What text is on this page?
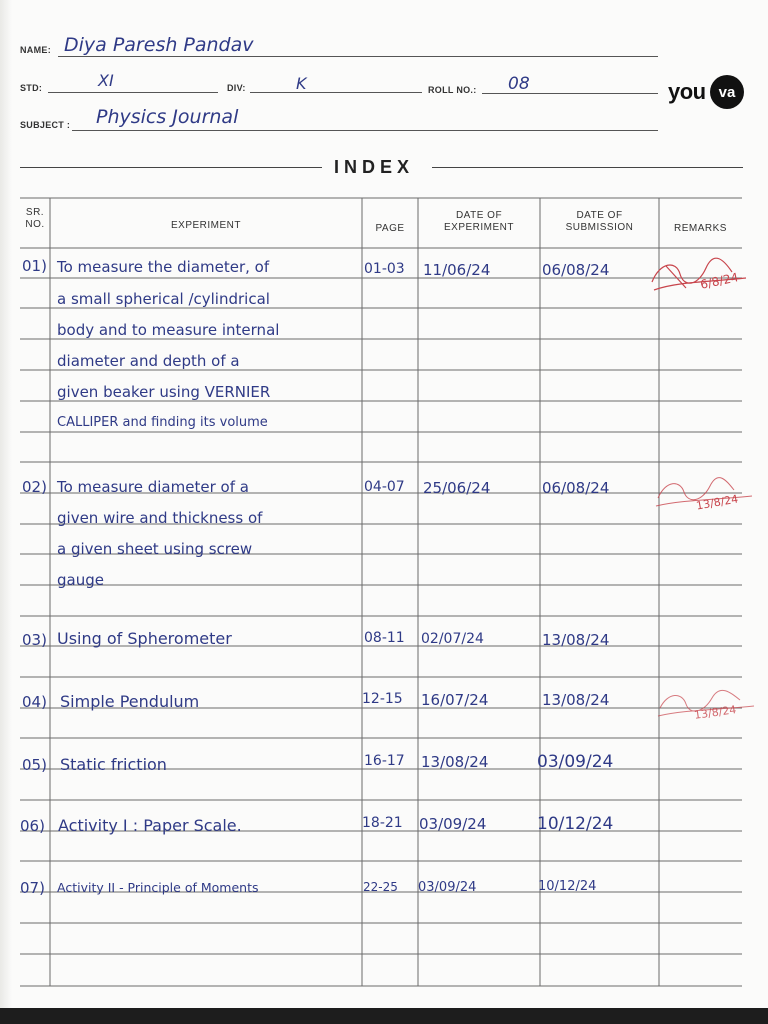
NAME: Diya Paresh Pandav
STD:	XI	DIV:	K	ROLL NO.: 08
SUBJECT : Physics Journal
you va
INDEX
SR.
NO.	EXPERIMENT	PAGE
DATE OF
EXPERIMENT
DATE OF
SUBMISSION	REMARKS
01) To measure the diameter, of
a small spherical /cylindrical
body and to measure internal
diameter and depth of a
given beaker using VERNIER
CALLIPER and finding its volume
01-03 11/06/24	06/08/24
6/8/24
02) To measure diameter of a
given wire and thickness of
a given sheet using screw
gauge
04-07 25/06/24	06/08/24
13/8/24
03) Using of Spherometer	08-11 02/07/24	13/08/24
04) Simple Pendulum	12-15 16/07/24	13/08/24
13/8/24
05) Static friction	16-17 13/08/24	03/09/24
06) Activity I : Paper Scale.	18-21 03/09/24	10/12/24
07) Activity II - Principle of Moments	22-25 03/09/24	10/12/24
